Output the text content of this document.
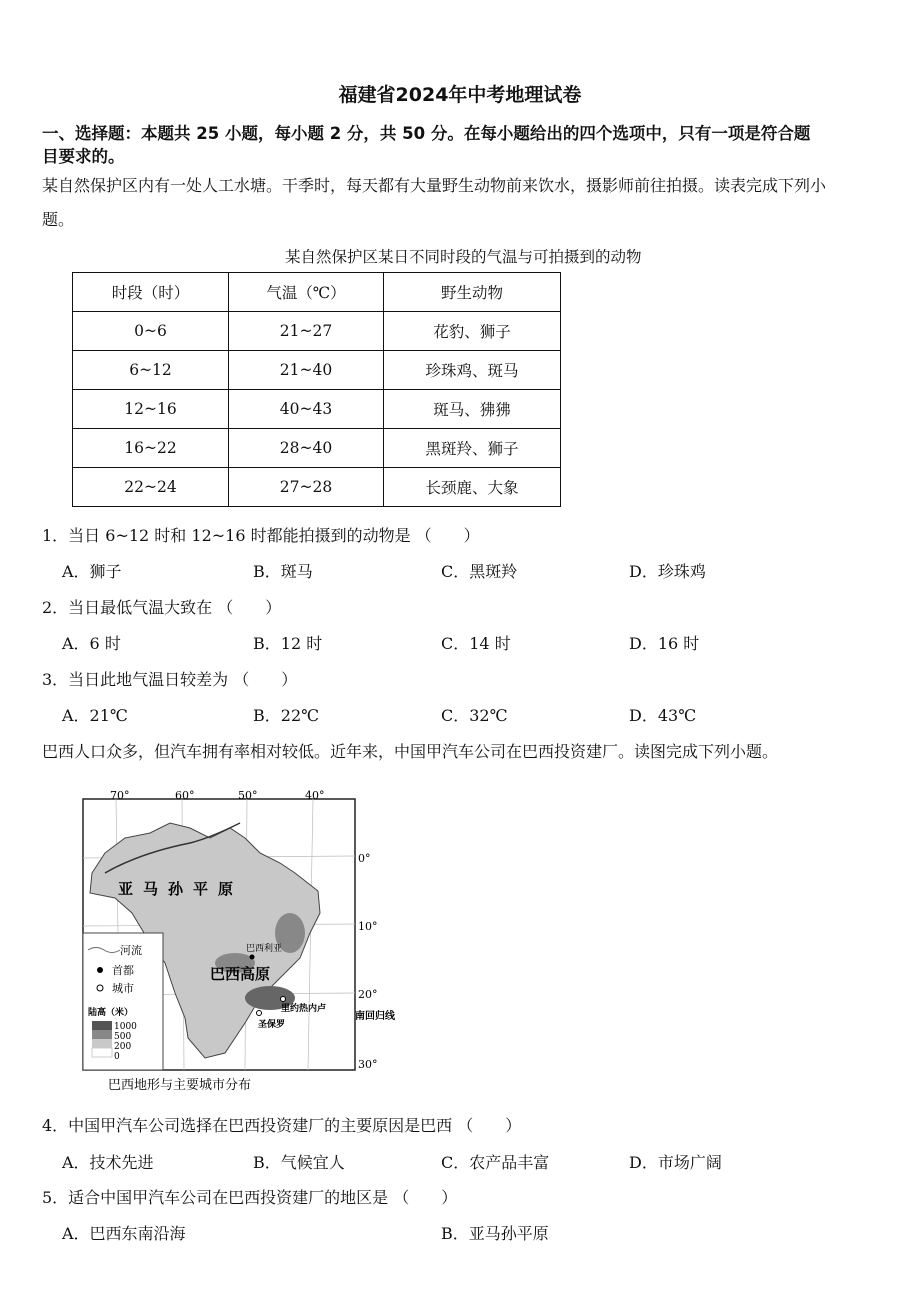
福建省2024年中考地理试卷
一、选择题：本题共 25 小题，每小题 2 分，共 50 分。在每小题给出的四个选项中，只有一项是符合题
目要求的。
某自然保护区内有一处人工水塘。干季时，每天都有大量野生动物前来饮水，摄影师前往拍摄。读表完成下列小
题。
某自然保护区某日不同时段的气温与可拍摄到的动物
时段（时）	气温（℃）	野生动物
0~6	21~27	花豹、狮子
6~12	21~40	珍珠鸡、斑马
12~16	40~43	斑马、狒狒
16~22	28~40	黑斑羚、狮子
22~24	27~28	长颈鹿、大象
1．当日 6~12 时和 12~16 时都能拍摄到的动物是 （　　）
A．狮子	B．斑马	C．黑斑羚	D．珍珠鸡
2．当日最低气温大致在 （　　）
A．6 时	B．12 时	C．14 时	D．16 时
3．当日此地气温日较差为 （　　）
A．21℃	B．22℃	C．32℃	D．43℃
巴西人口众多，但汽车拥有率相对较低。近年来，中国甲汽车公司在巴西投资建厂。读图完成下列小题。
70°	60°	50°	40°
0°
10°
20°
30°
南回归线
亚马孙平原
巴西高原
巴西利亚
里约热内卢
圣保罗
河流
首都
城市
陆高（米）
1000
500
200
0
巴西地形与主要城市分布
4．中国甲汽车公司选择在巴西投资建厂的主要原因是巴西 （　　）
A．技术先进	B．气候宜人	C．农产品丰富	D．市场广阔
5．适合中国甲汽车公司在巴西投资建厂的地区是 （　　）
A．巴西东南沿海	B．亚马孙平原
